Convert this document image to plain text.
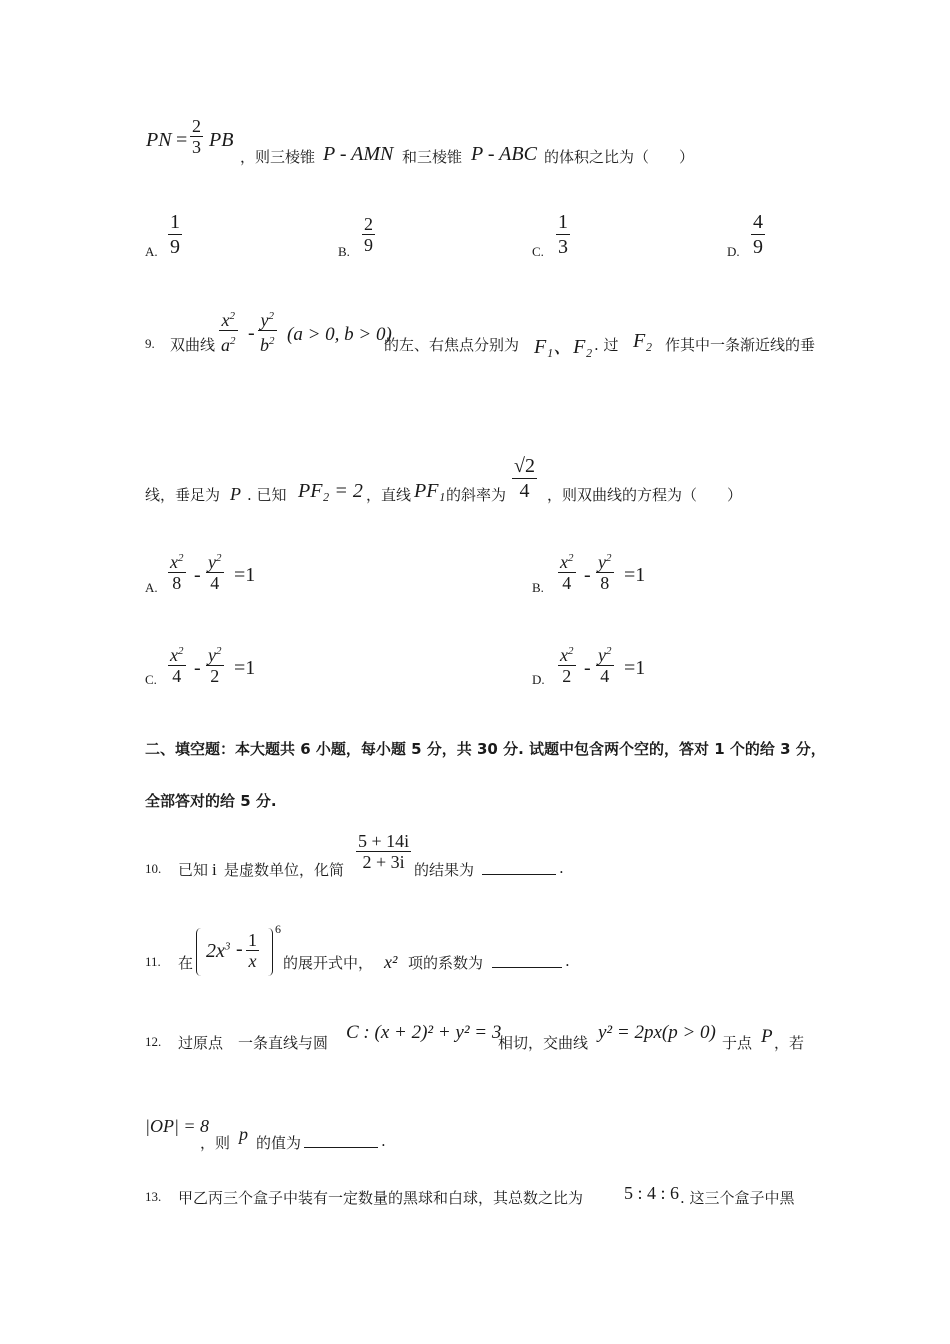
PN =
2
3 PB
，则三棱锥 P - AMN 和三棱锥 P - ABC 的体积之比为（　　）
A.
1
9	B.
2
9	C.
1
3	D.
4
9
9. 双曲线
$x^2$
$a^2$ -
$y^2$
$b^2$ (a > 0, b > 0)
的左、右焦点分别为 F₁、F₂ . 过 F₂ 作其中一条渐近线的垂
线，垂足为 P . 已知 PF₂ = 2 ，直线 PF₁ 的斜率为
√2
4 ，则双曲线的方程为（　　）
A.
$x^2$
8 -
$y^2$
4 =1
B.
$x^2$
4 -
$y^2$
8 =1
C.
$x^2$
4 -
$y^2$
2 =1
D.
$x^2$
2 -
$y^2$
4 =1
二、填空题：本大题共 6 小题，每小题 5 分，共 30 分. 试题中包含两个空的，答对 1 个的给 3 分，
全部答对的给 5 分.
10. 已知 i 是虚数单位，化简
5 + 14i
2 + 3i 的结果为	.
11. 在
$2x^3 - 1$
x
6
的展开式中， x² 项的系数为	.
12. 过原点　一条直线与圆 C : (x + 2)² + y² = 3
相切，交曲线 y² = 2px(p > 0) 于点 P ，若
|OP| = 8
，则 p 的值为	.
13. 甲乙丙三个盒子中装有一定数量的黑球和白球，其总数之比为 5 : 4 : 6 . 这三个盒子中黑
